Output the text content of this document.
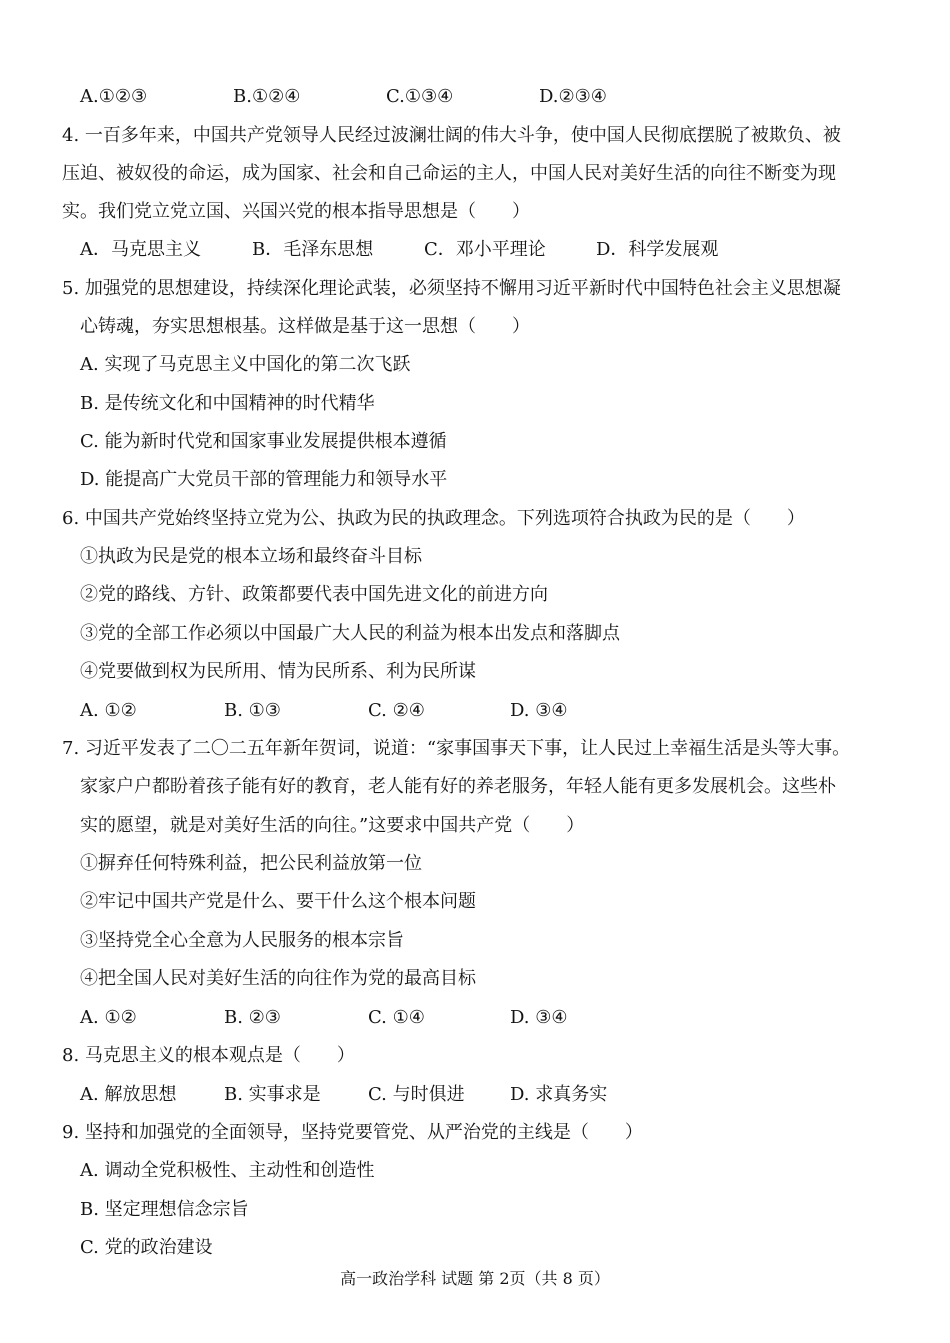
A.①②③	B.①②④	C.①③④	D.②③④
4. 一百多年来，中国共产党领导人民经过波澜壮阔的伟大斗争，使中国人民彻底摆脱了被欺负、被
压迫、被奴役的命运，成为国家、社会和自己命运的主人，中国人民对美好生活的向往不断变为现
实。我们党立党立国、兴国兴党的根本指导思想是（　　）
A．马克思主义	B．毛泽东思想	C．邓小平理论	D．科学发展观
5. 加强党的思想建设，持续深化理论武装，必须坚持不懈用习近平新时代中国特色社会主义思想凝
心铸魂，夯实思想根基。这样做是基于这一思想（　　）
A. 实现了马克思主义中国化的第二次飞跃
B. 是传统文化和中国精神的时代精华
C. 能为新时代党和国家事业发展提供根本遵循
D. 能提高广大党员干部的管理能力和领导水平
6. 中国共产党始终坚持立党为公、执政为民的执政理念。下列选项符合执政为民的是（　　）
①执政为民是党的根本立场和最终奋斗目标
②党的路线、方针、政策都要代表中国先进文化的前进方向
③党的全部工作必须以中国最广大人民的利益为根本出发点和落脚点
④党要做到权为民所用、情为民所系、利为民所谋
A. ①②	B. ①③	C. ②④	D. ③④
7. 习近平发表了二〇二五年新年贺词，说道：“家事国事天下事，让人民过上幸福生活是头等大事。
家家户户都盼着孩子能有好的教育，老人能有好的养老服务，年轻人能有更多发展机会。这些朴
实的愿望，就是对美好生活的向往。”这要求中国共产党（　　）
①摒弃任何特殊利益，把公民利益放第一位
②牢记中国共产党是什么、要干什么这个根本问题
③坚持党全心全意为人民服务的根本宗旨
④把全国人民对美好生活的向往作为党的最高目标
A. ①②	B. ②③	C. ①④	D. ③④
8. 马克思主义的根本观点是（　　）
A. 解放思想	B. 实事求是	C. 与时俱进	D. 求真务实
9. 坚持和加强党的全面领导，坚持党要管党、从严治党的主线是（　　）
A. 调动全党积极性、主动性和创造性
B. 坚定理想信念宗旨
C. 党的政治建设
高一政治学科 试题 第 2页（共 8 页）
